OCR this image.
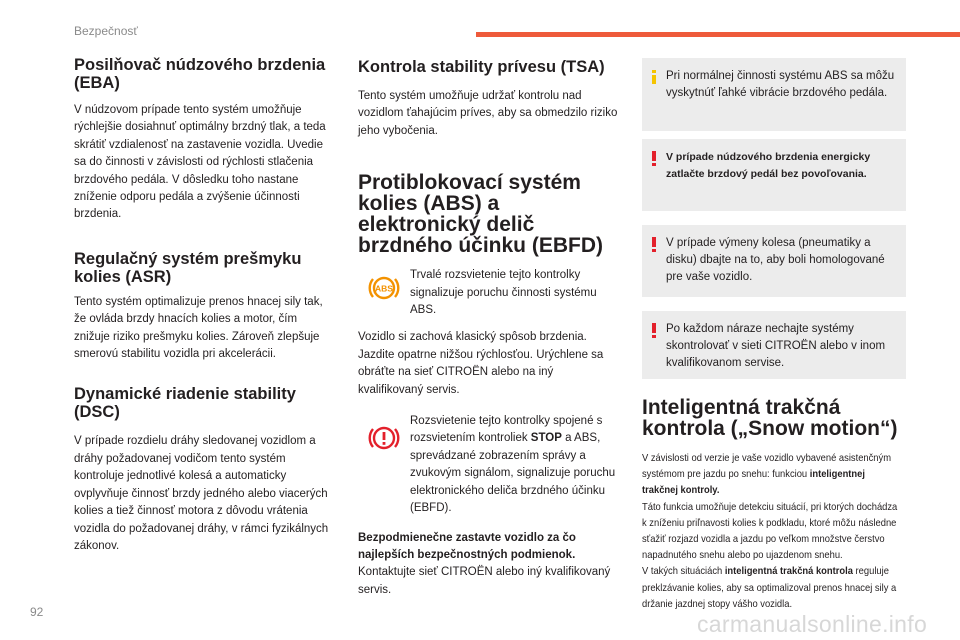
Bezpečnosť
Posilňovač núdzového brzdenia (EBA)

V núdzovom prípade tento systém umožňuje rýchlejšie dosiahnuť optimálny brzdný tlak, a teda skrátiť vzdialenosť na zastavenie vozidla. Uvedie sa do činnosti v závislosti od rýchlosti stlačenia brzdového pedála. V dôsledku toho nastane zníženie odporu pedála a zvýšenie účinnosti brzdenia.

Regulačný systém prešmyku kolies (ASR)

Tento systém optimalizuje prenos hnacej sily tak, že ovláda brzdy hnacích kolies a motor, čím znižuje riziko prešmyku kolies. Zároveň zlepšuje smerovú stabilitu vozidla pri akcelerácii.

Dynamické riadenie stability (DSC)

V prípade rozdielu dráhy sledovanej vozidlom a dráhy požadovanej vodičom tento systém kontroluje jednotlivé kolesá a automaticky ovplyvňuje činnosť brzdy jedného alebo viacerých kolies a tiež činnosť motora z dôvodu vrátenia vozidla do požadovanej dráhy, v rámci fyzikálnych zákonov.

Kontrola stability prívesu (TSA)

Tento systém umožňuje udržať kontrolu nad vozidlom ťahajúcim príves, aby sa obmedzilo riziko jeho vybočenia.

Protiblokovací systém kolies (ABS) a elektronický delič brzdného účinku (EBFD)
ABS

Trvalé rozsvietenie tejto kontrolky signalizuje poruchu činnosti systému ABS.

Vozidlo si zachová klasický spôsob brzdenia. Jazdite opatrne nižšou rýchlosťou. Urýchlene sa obráťte na sieť CITROËN alebo na iný kvalifikovaný servis.

Rozsvietenie tejto kontrolky spojené s rozsvietením kontroliek STOP a ABS, sprevádzané zobrazením správy a zvukovým signálom, signalizuje poruchu elektronického deliča brzdného účinku (EBFD).

Bezpodmienečne zastavte vozidlo za čo najlepších bezpečnostných podmienok.

Kontaktujte sieť CITROËN alebo iný kvalifikovaný servis.

Pri normálnej činnosti systému ABS sa môžu vyskytnúť ľahké vibrácie brzdového pedála.

V prípade núdzového brzdenia energicky zatlačte brzdový pedál bez povoľovania.

V prípade výmeny kolesa (pneumatiky a disku) dbajte na to, aby boli homologované pre vaše vozidlo.

Po každom náraze nechajte systémy skontrolovať v sieti CITROËN alebo v inom kvalifikovanom servise.

Inteligentná trakčná kontrola („Snow motion“)

V závislosti od verzie je vaše vozidlo vybavené asistenčným systémom pre jazdu po snehu: funkciou inteligentnej trakčnej kontroly.

Táto funkcia umožňuje detekciu situácií, pri ktorých dochádza k zníženiu priľnavosti kolies k podkladu, ktoré môžu následne sťažiť rozjazd vozidla a jazdu po veľkom množstve čerstvo napadnutého snehu alebo po ujazdenom snehu.

V takých situáciách inteligentná trakčná kontrola reguluje preklzávanie kolies, aby sa optimalizoval prenos hnacej sily a držanie jazdnej stopy vášho vozidla.

92	carmanualsonline.info
